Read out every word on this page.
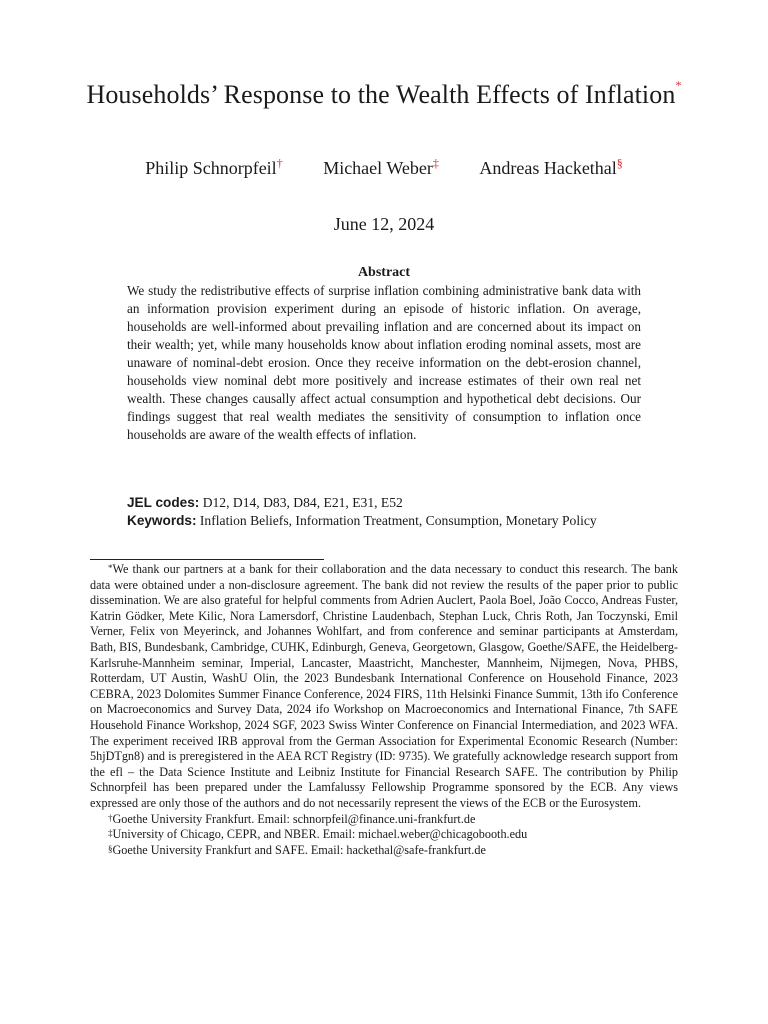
Households’ Response to the Wealth Effects of Inflation*
Philip Schnorpfeil† Michael Weber‡ Andreas Hackethal§
June 12, 2024
Abstract
We study the redistributive effects of surprise inflation combining administrative bank data with an information provision experiment during an episode of historic inflation. On average, households are well-informed about prevailing inflation and are concerned about its impact on their wealth; yet, while many households know about inflation eroding nominal assets, most are unaware of nominal-debt erosion. Once they receive information on the debt-erosion channel, households view nominal debt more positively and increase estimates of their own real net wealth. These changes causally affect actual consumption and hypothetical debt decisions. Our findings suggest that real wealth mediates the sensitivity of consumption to inflation once households are aware of the wealth effects of inflation.
JEL codes: D12, D14, D83, D84, E21, E31, E52
Keywords: Inflation Beliefs, Information Treatment, Consumption, Monetary Policy

*We thank our partners at a bank for their collaboration and the data necessary to conduct this research. The bank data were obtained under a non-disclosure agreement. The bank did not review the results of the paper prior to public dissemination. We are also grateful for helpful comments from Adrien Auclert, Paola Boel, João Cocco, Andreas Fuster, Katrin Gödker, Mete Kilic, Nora Lamersdorf, Christine Laudenbach, Stephan Luck, Chris Roth, Jan Toczynski, Emil Verner, Felix von Meyerinck, and Johannes Wohlfart, and from conference and seminar participants at Amsterdam, Bath, BIS, Bundesbank, Cambridge, CUHK, Edinburgh, Geneva, Georgetown, Glasgow, Goethe/SAFE, the Heidelberg-Karlsruhe-Mannheim seminar, Imperial, Lancaster, Maastricht, Manchester, Mannheim, Nijmegen, Nova, PHBS, Rotterdam, UT Austin, WashU Olin, the 2023 Bundesbank International Conference on Household Finance, 2023 CEBRA, 2023 Dolomites Summer Finance Conference, 2024 FIRS, 11th Helsinki Finance Summit, 13th ifo Conference on Macroeconomics and Survey Data, 2024 ifo Workshop on Macroeconomics and International Finance, 7th SAFE Household Finance Workshop, 2024 SGF, 2023 Swiss Winter Conference on Financial Intermediation, and 2023 WFA. The experiment received IRB approval from the German Association for Experimental Economic Research (Number: 5hjDTgn8) and is preregistered in the AEA RCT Registry (ID: 9735). We gratefully acknowledge research support from the efl – the Data Science Institute and Leibniz Institute for Financial Research SAFE. The contribution by Philip Schnorpfeil has been prepared under the Lamfalussy Fellowship Programme sponsored by the ECB. Any views expressed are only those of the authors and do not necessarily represent the views of the ECB or the Eurosystem.

†Goethe University Frankfurt. Email: schnorpfeil@finance.uni-frankfurt.de

‡University of Chicago, CEPR, and NBER. Email: michael.weber@chicagobooth.edu

§Goethe University Frankfurt and SAFE. Email: hackethal@safe-frankfurt.de
